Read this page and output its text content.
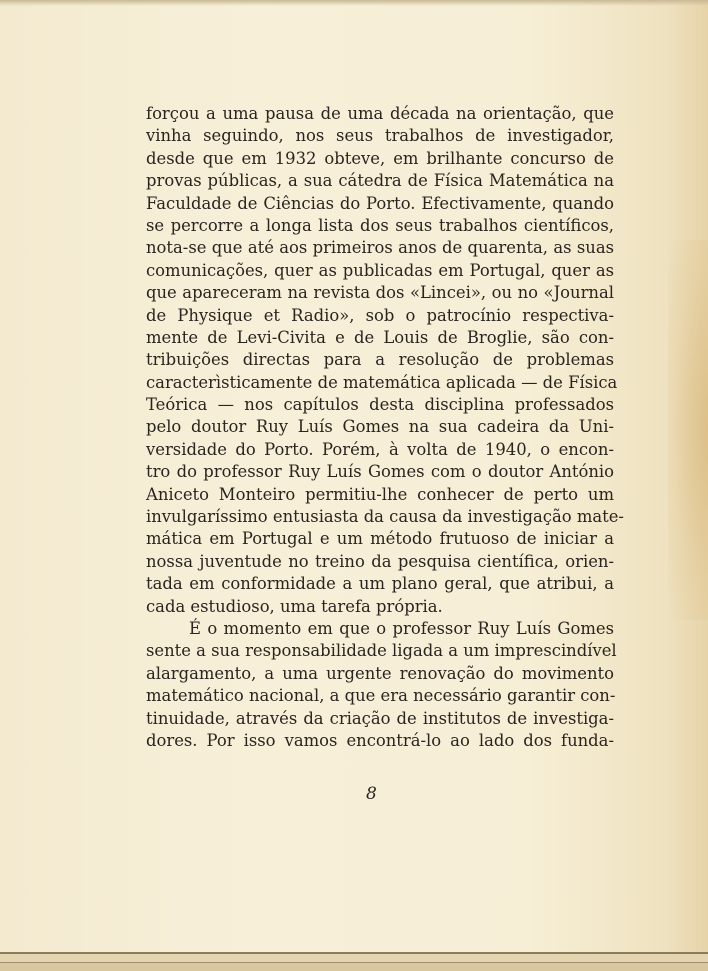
forçou a uma pausa de uma década na orientação, que
vinha seguindo, nos seus trabalhos de investigador,
desde que em 1932 obteve, em brilhante concurso de
provas públicas, a sua cátedra de Física Matemática na
Faculdade de Ciências do Porto. Efectivamente, quando
se percorre a longa lista dos seus trabalhos científicos,
nota-se que até aos primeiros anos de quarenta, as suas
comunicações, quer as publicadas em Portugal, quer as
que apareceram na revista dos «Lincei», ou no «Journal
de Physique et Radio», sob o patrocínio respectiva-
mente de Levi-Civita e de Louis de Broglie, são con-
tribuições directas para a resolução de problemas
caracterìsticamente de matemática aplicada — de Física
Teórica — nos capítulos desta disciplina professados
pelo doutor Ruy Luís Gomes na sua cadeira da Uni-
versidade do Porto. Porém, à volta de 1940, o encon-
tro do professor Ruy Luís Gomes com o doutor António
Aniceto Monteiro permitiu-lhe conhecer de perto um
invulgaríssimo entusiasta da causa da investigação mate-
mática em Portugal e um método frutuoso de iniciar a
nossa juventude no treino da pesquisa científica, orien-
tada em conformidade a um plano geral, que atribui, a
cada estudioso, uma tarefa própria.
É o momento em que o professor Ruy Luís Gomes
sente a sua responsabilidade ligada a um imprescindível
alargamento, a uma urgente renovação do movimento
matemático nacional, a que era necessário garantir con-
tinuidade, através da criação de institutos de investiga-
dores. Por isso vamos encontrá-lo ao lado dos funda-
8
